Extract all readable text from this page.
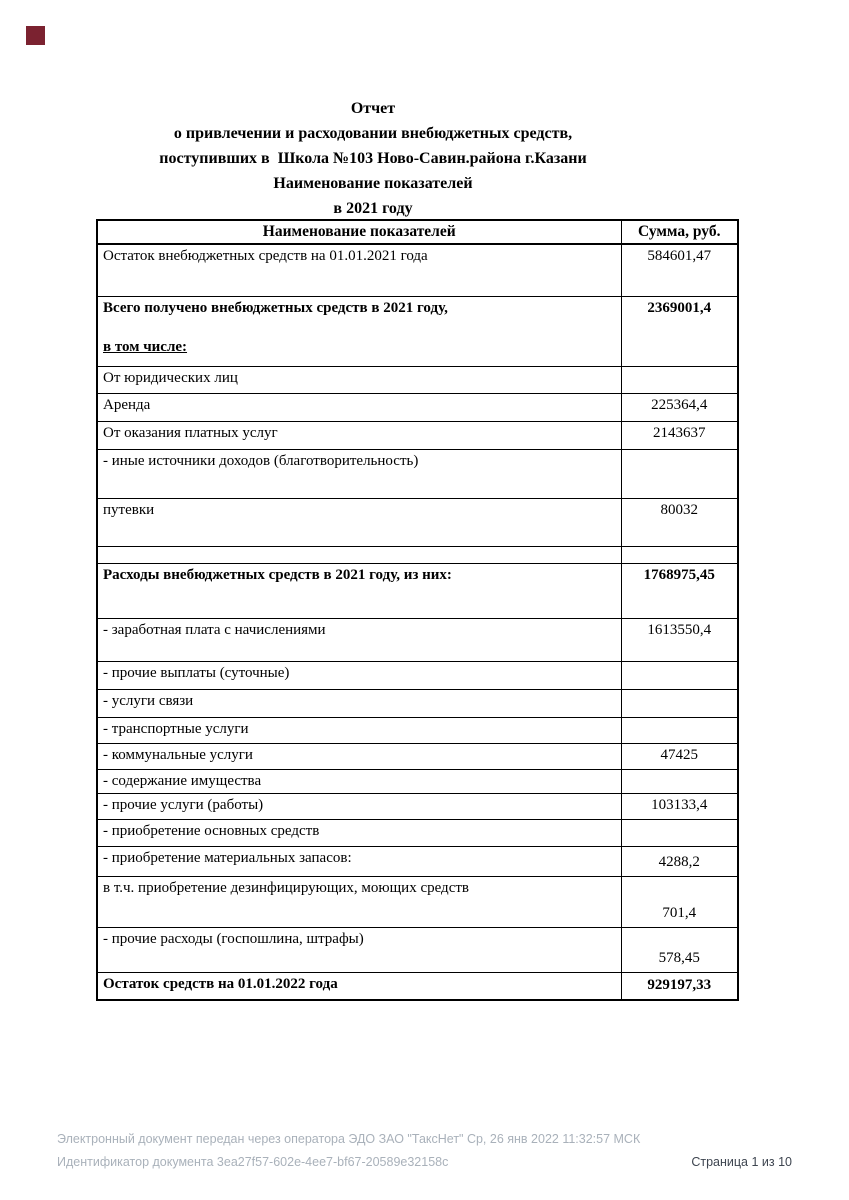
Отчет
о привлечении и расходовании внебюджетных средств,
поступивших в  Школа №103 Ново-Савин.района г.Казани
Наименование показателей
в 2021 году
Наименование показателей	Сумма, руб.

Остаток внебюджетных средств на 01.01.2021 года	584601,47

Всего получено внебюджетных средств в 2021 году,
в том числе:	2369001,4

От юридических лиц	

Аренда	225364,4

От оказания платных услуг	2143637

- иные источники доходов (благотворительность)	

путевки	80032

Расходы внебюджетных средств в 2021 году, из них:	1768975,45

- заработная плата с начислениями	1613550,4

- прочие выплаты (суточные)	

- услуги связи	

- транспортные услуги	

- коммунальные услуги	47425

- содержание имущества	

- прочие услуги (работы)	103133,4

- приобретение основных средств	

- приобретение материальных запасов:	4288,2

в т.ч. приобретение дезинфицирующих, моющих средств	701,4

- прочие расходы (госпошлина, штрафы)	578,45

Остаток средств на 01.01.2022 года	929197,33
Электронный документ передан через оператора ЭДО ЗАО "ТаксНет" Ср, 26 янв 2022 11:32:57 МСК
Идентификатор документа 3ea27f57-602e-4ee7-bf67-20589e32158c	Страница 1 из 10
